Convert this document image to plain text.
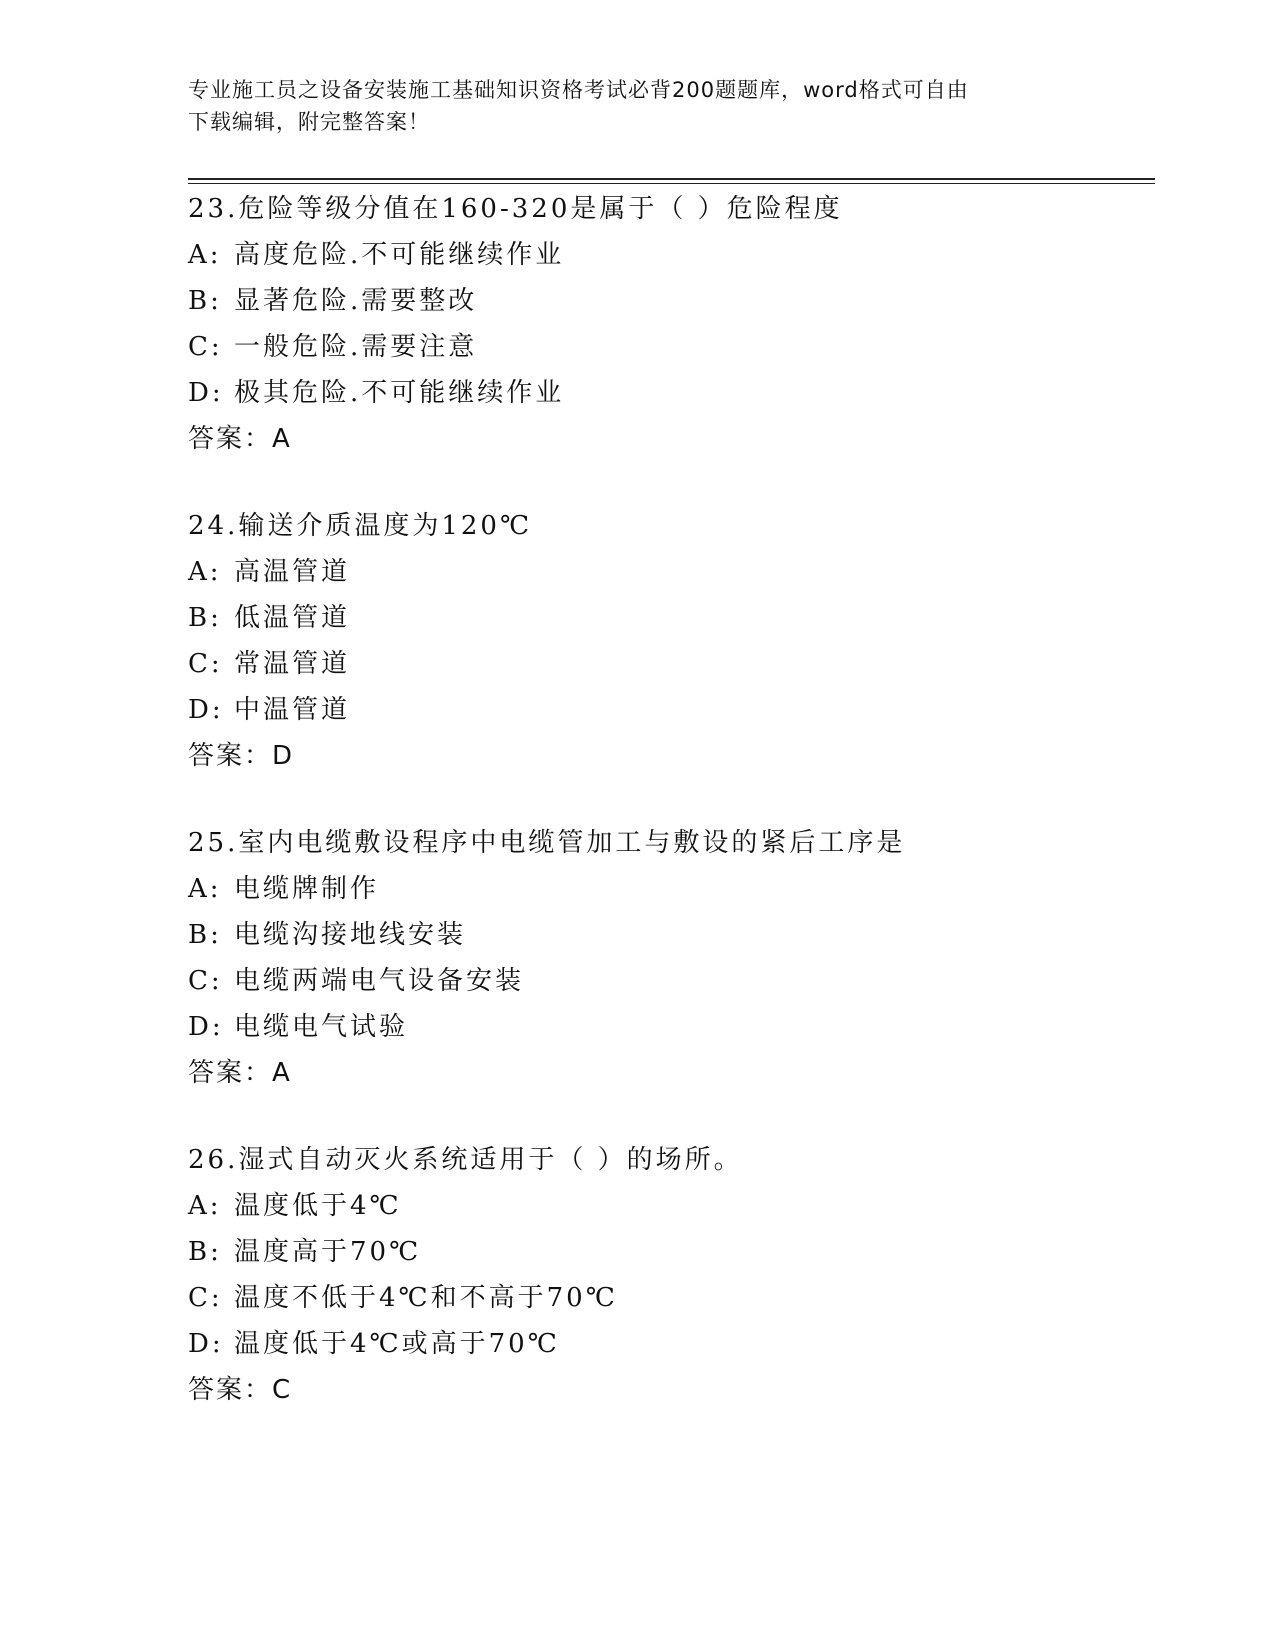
专业施工员之设备安装施工基础知识资格考试必背200题题库，word格式可自由
下载编辑，附完整答案！
23.危险等级分值在160-320是属于（ ）危险程度
A: 高度危险.不可能继续作业
B: 显著危险.需要整改
C: 一般危险.需要注意
D: 极其危险.不可能继续作业
答案：A
24.输送介质温度为120℃
A: 高温管道
B: 低温管道
C: 常温管道
D: 中温管道
答案：D
25.室内电缆敷设程序中电缆管加工与敷设的紧后工序是
A: 电缆牌制作
B: 电缆沟接地线安装
C: 电缆两端电气设备安装
D: 电缆电气试验
答案：A
26.湿式自动灭火系统适用于（ ）的场所。
A: 温度低于4℃
B: 温度高于70℃
C: 温度不低于4℃和不高于70℃
D: 温度低于4℃或高于70℃
答案：C
